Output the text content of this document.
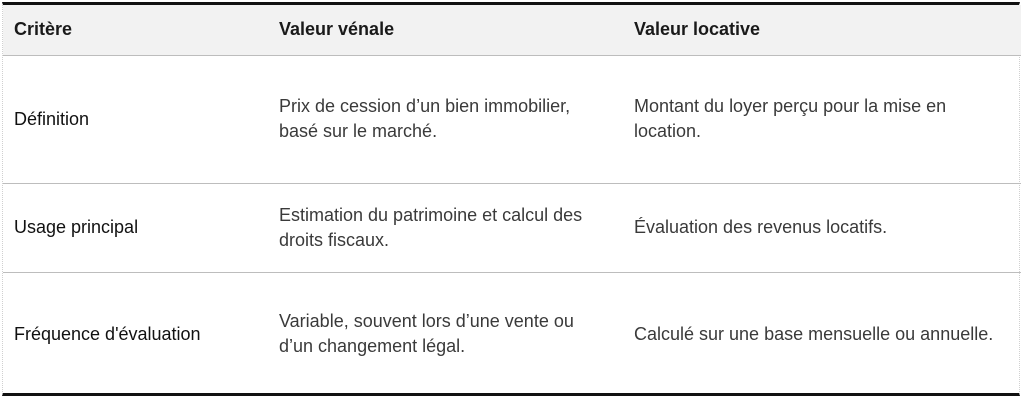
Critère	Valeur vénale	Valeur locative
Définition	Prix de cession d’un bien immobilier, basé sur le marché.	Montant du loyer perçu pour la mise en location.
Usage principal	Estimation du patrimoine et calcul des droits fiscaux.	Évaluation des revenus locatifs.
Fréquence d'évaluation	Variable, souvent lors d’une vente ou d’un changement légal.	Calculé sur une base mensuelle ou annuelle.
